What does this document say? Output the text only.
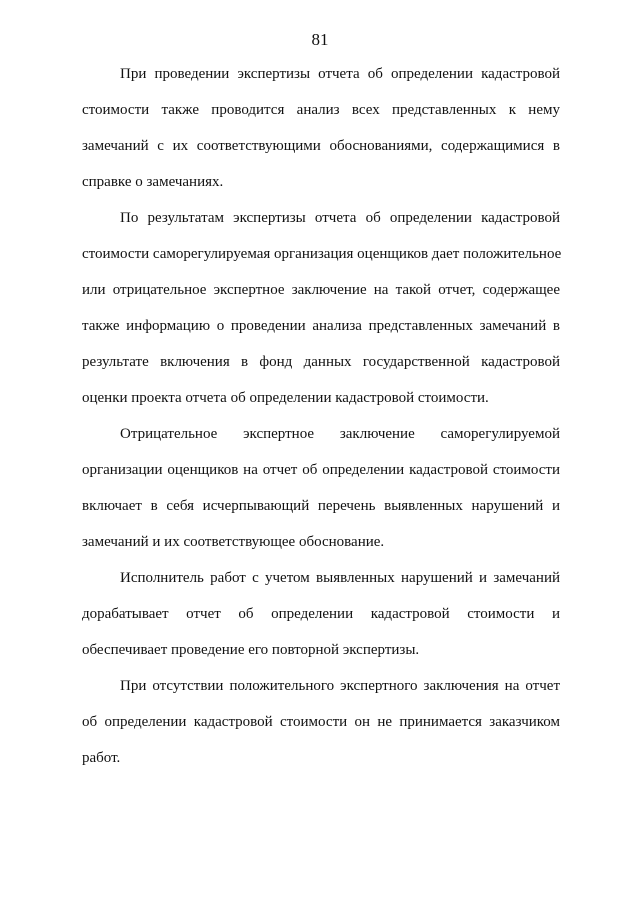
81

При проведении экспертизы отчета об определении кадастровой
стоимости также проводится анализ всех представленных к нему
замечаний с их соответствующими обоснованиями, содержащимися в
справке о замечаниях.

По результатам экспертизы отчета об определении кадастровой
стоимости саморегулируемая организация оценщиков дает положительное
или отрицательное экспертное заключение на такой отчет, содержащее
также информацию о проведении анализа представленных замечаний в
результате включения в фонд данных государственной кадастровой
оценки проекта отчета об определении кадастровой стоимости.

Отрицательное экспертное заключение саморегулируемой
организации оценщиков на отчет об определении кадастровой стоимости
включает в себя исчерпывающий перечень выявленных нарушений и
замечаний и их соответствующее обоснование.

Исполнитель работ с учетом выявленных нарушений и замечаний
дорабатывает отчет об определении кадастровой стоимости и
обеспечивает проведение его повторной экспертизы.

При отсутствии положительного экспертного заключения на отчет
об определении кадастровой стоимости он не принимается заказчиком
работ.
